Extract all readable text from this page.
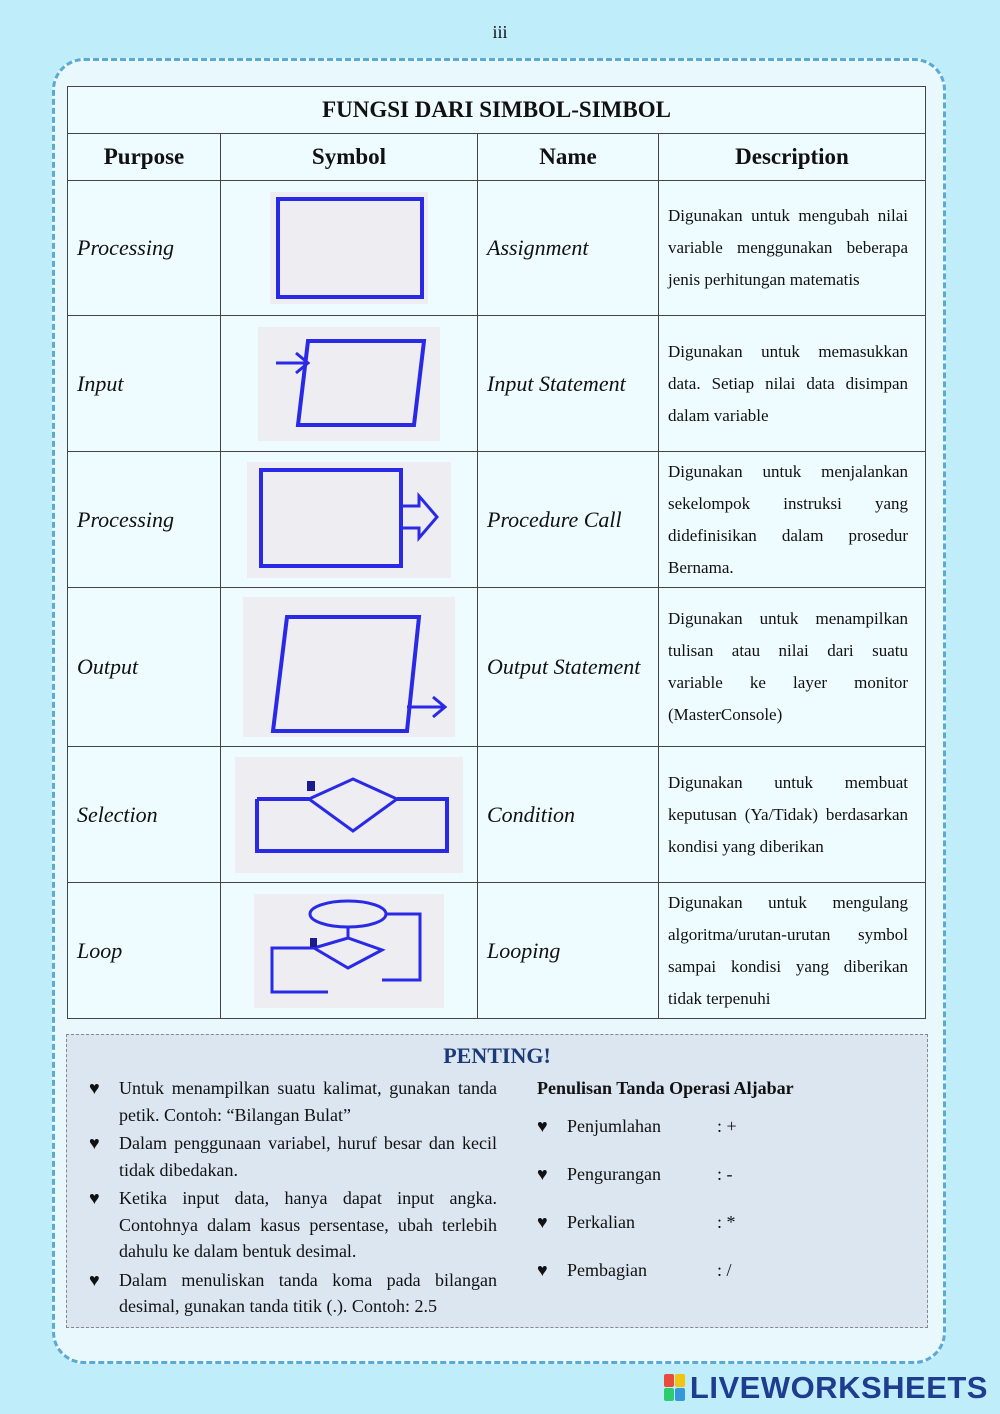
iii
FUNGSI DARI SIMBOL-SIMBOL			
Purpose	Symbol	Name	Description
Processing		Assignment	Digunakan untuk mengubah nilai variable menggunakan beberapa jenis perhitungan matematis
Input		Input Statement	Digunakan untuk memasukkan data. Setiap nilai data disimpan dalam variable
Processing		Procedure Call	Digunakan untuk menjalankan sekelompok instruksi yang didefinisikan dalam prosedur Bernama.
Output		Output Statement	Digunakan untuk menampilkan tulisan atau nilai dari suatu variable ke layer monitor (MasterConsole)
Selection		Condition	Digunakan untuk membuat keputusan (Ya/Tidak) berdasarkan kondisi yang diberikan
Loop		Looping	Digunakan untuk mengulang algoritma/urutan-urutan symbol sampai kondisi yang diberikan tidak terpenuhi
PENTING!
♥ Untuk menampilkan suatu kalimat, gunakan tanda petik. Contoh: “Bilangan Bulat”
♥ Dalam penggunaan variabel, huruf besar dan kecil tidak dibedakan.
♥ Ketika input data, hanya dapat input angka. Contohnya dalam kasus persentase, ubah terlebih dahulu ke dalam bentuk desimal.
♥ Dalam menuliskan tanda koma pada bilangan desimal, gunakan tanda titik (.). Contoh: 2.5
Penulisan Tanda Operasi Aljabar
♥ Penjumlahan	: +
♥ Pengurangan	: -
♥ Perkalian	: *
♥ Pembagian	: /
LIVEWORKSHEETS
